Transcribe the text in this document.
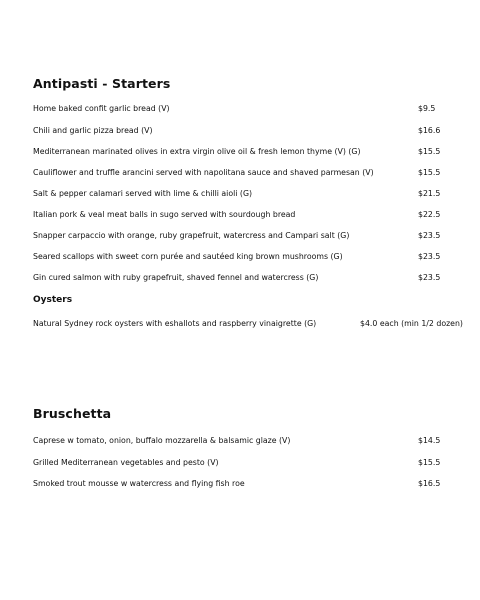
Antipasti - Starters
Home baked confit garlic bread (V)	$9.5
Chili and garlic pizza bread (V)	$16.6
Mediterranean marinated olives in extra virgin olive oil & fresh lemon thyme (V) (G)	$15.5
Cauliflower and truffle arancini served with napolitana sauce and shaved parmesan (V)	$15.5
Salt & pepper calamari served with lime & chilli aioli (G)	$21.5
Italian pork & veal meat balls in sugo served with sourdough bread	$22.5
Snapper carpaccio with orange, ruby grapefruit, watercress and Campari salt (G)	$23.5
Seared scallops with sweet corn purée and sautéed king brown mushrooms (G)	$23.5
Gin cured salmon with ruby grapefruit, shaved fennel and watercress (G)	$23.5
Oysters
Natural Sydney rock oysters with eshallots and raspberry vinaigrette (G)	$4.0 each (min 1/2 dozen)
Bruschetta
Caprese w tomato, onion, buffalo mozzarella & balsamic glaze (V)	$14.5
Grilled Mediterranean vegetables and pesto (V)	$15.5
Smoked trout mousse w watercress and flying fish roe	$16.5
